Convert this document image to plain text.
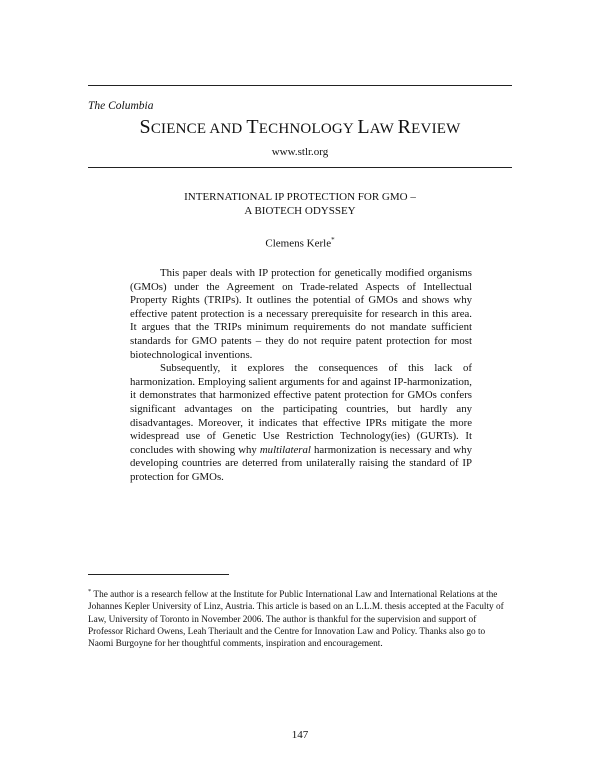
The Columbia
SCIENCE AND TECHNOLOGY LAW REVIEW
www.stlr.org
INTERNATIONAL IP PROTECTION FOR GMO –
A BIOTECH ODYSSEY
Clemens Kerle*

This paper deals with IP protection for genetically modified organisms (GMOs) under the Agreement on Trade-related Aspects of Intellectual Property Rights (TRIPs). It outlines the potential of GMOs and shows why effective patent protection is a necessary prerequisite for research in this area. It argues that the TRIPs minimum requirements do not mandate sufficient standards for GMO patents – they do not require patent protection for most biotechnological inventions.

Subsequently, it explores the consequences of this lack of harmonization. Employing salient arguments for and against IP-harmonization, it demonstrates that harmonized effective patent protection for GMOs confers significant advantages on the participating countries, but hardly any disadvantages. Moreover, it indicates that effective IPRs mitigate the more widespread use of Genetic Use Restriction Technology(ies) (GURTs). It concludes with showing why multilateral harmonization is necessary and why developing countries are deterred from unilaterally raising the standard of IP protection for GMOs.

* The author is a research fellow at the Institute for Public International Law and International Relations at the Johannes Kepler University of Linz, Austria. This article is based on an L.L.M. thesis accepted at the Faculty of Law, University of Toronto in November 2006. The author is thankful for the supervision and support of Professor Richard Owens, Leah Theriault and the Centre for Innovation Law and Policy. Thanks also go to Naomi Burgoyne for her thoughtful comments, inspiration and encouragement.

147
